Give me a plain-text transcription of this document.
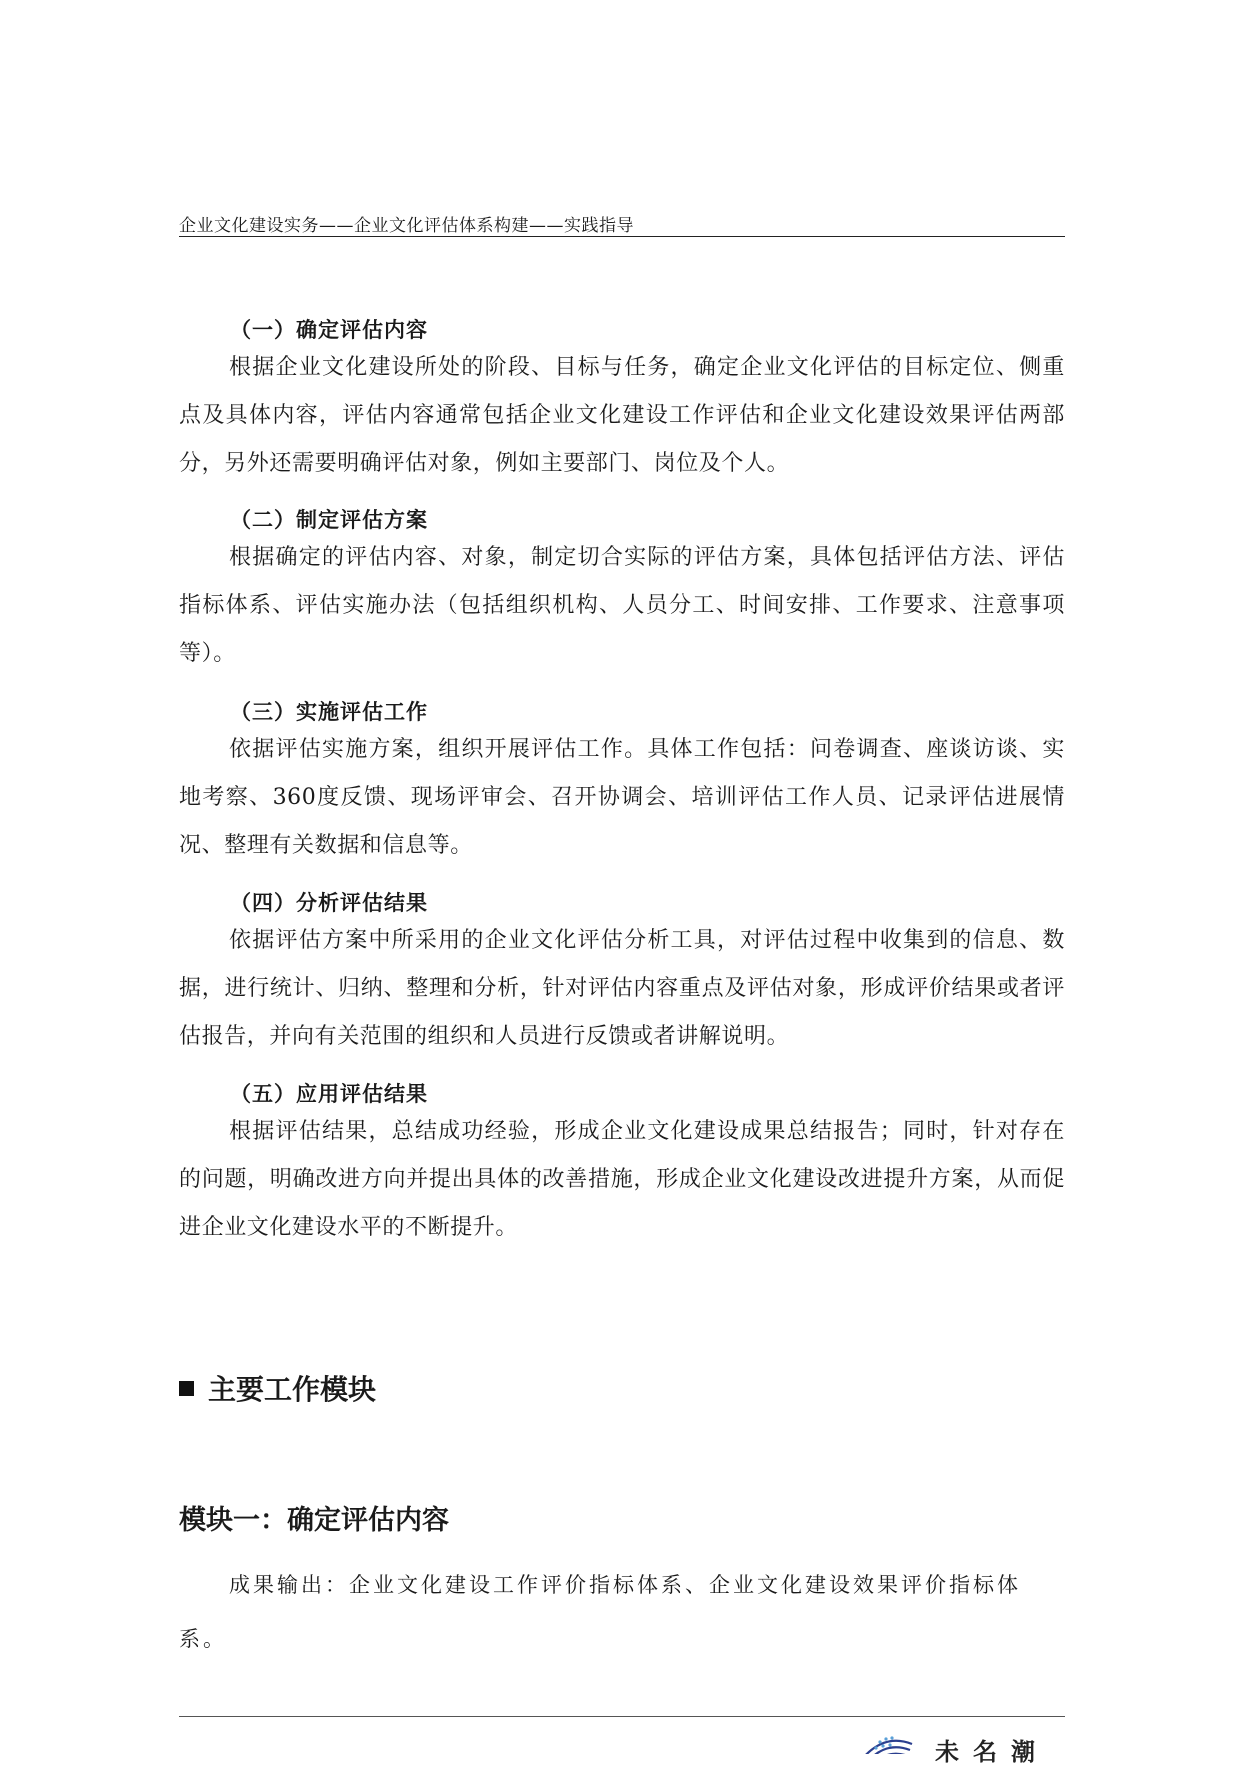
企业文化建设实务——企业文化评估体系构建——实践指导
（一）确定评估内容
根据企业文化建设所处的阶段、目标与任务，确定企业文化评估的目标定位、侧重点及具体内容，评估内容通常包括企业文化建设工作评估和企业文化建设效果评估两部分，另外还需要明确评估对象，例如主要部门、岗位及个人。
（二）制定评估方案
根据确定的评估内容、对象，制定切合实际的评估方案，具体包括评估方法、评估指标体系、评估实施办法（包括组织机构、人员分工、时间安排、工作要求、注意事项等）。
（三）实施评估工作
依据评估实施方案，组织开展评估工作。具体工作包括：问卷调查、座谈访谈、实地考察、360度反馈、现场评审会、召开协调会、培训评估工作人员、记录评估进展情况、整理有关数据和信息等。
（四）分析评估结果
依据评估方案中所采用的企业文化评估分析工具，对评估过程中收集到的信息、数据，进行统计、归纳、整理和分析，针对评估内容重点及评估对象，形成评价结果或者评估报告，并向有关范围的组织和人员进行反馈或者讲解说明。
（五）应用评估结果
根据评估结果，总结成功经验，形成企业文化建设成果总结报告；同时，针对存在的问题，明确改进方向并提出具体的改善措施，形成企业文化建设改进提升方案，从而促进企业文化建设水平的不断提升。
主要工作模块
模块一：确定评估内容
成果输出：企业文化建设工作评价指标体系、企业文化建设效果评价指标体系。
未名潮
